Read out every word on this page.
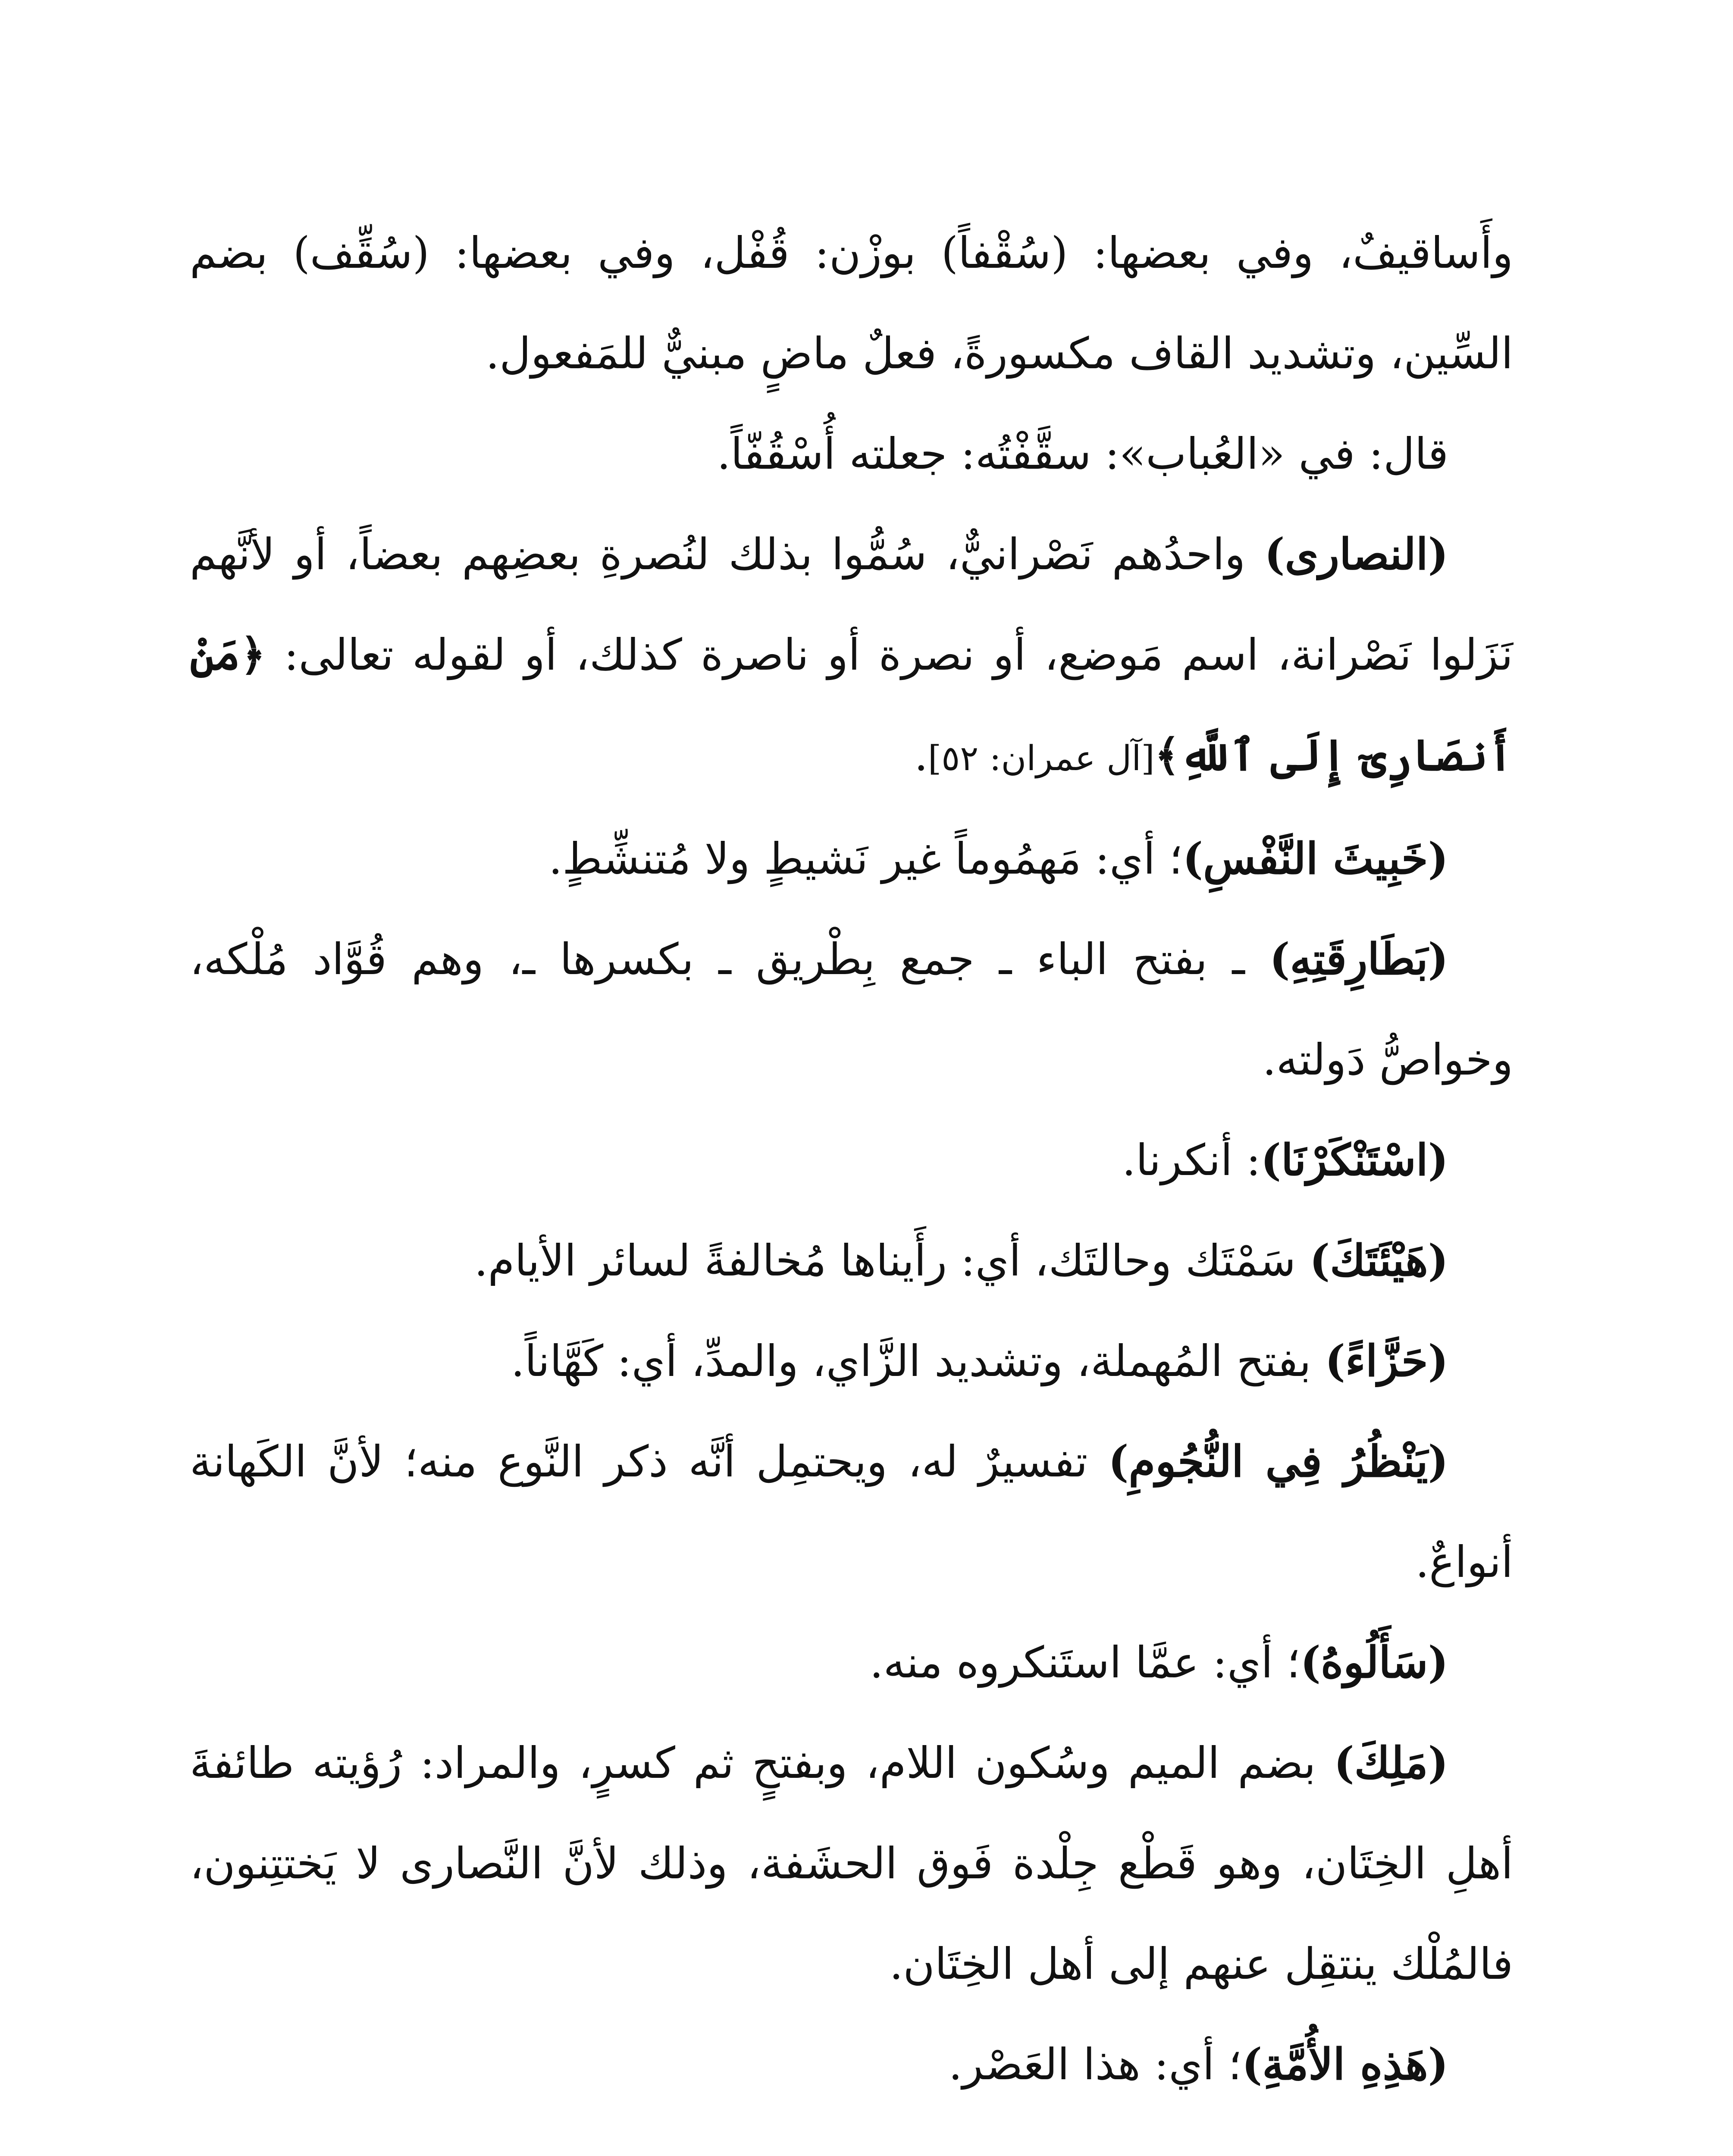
وأَساقيفٌ، وفي بعضها: (سُقْفاً) بوزْن: قُفْل، وفي بعضها: (سُقِّف) بضم السِّين، وتشديد القاف مكسورةً، فعلٌ ماضٍ مبنيٌّ للمَفعول.

قال: في «العُباب»: سقَّفْتُه: جعلته أُسْقُفّاً.

(النصارى) واحدُهم نَصْرانيٌّ، سُمُّوا بذلك لنُصرةِ بعضِهم بعضاً، أو لأنَّهم نَزَلوا نَصْرانة، اسم مَوضع، أو نصرة أو ناصرة كذلك، أو لقوله تعالى: ﴿مَنْ أَنصَارِىٓ إِلَى ٱللَّهِ﴾[آل عمران: ٥٢].

(خَبِيثَ النَّفْسِ)؛ أي: مَهمُوماً غير نَشيطٍ ولا مُتنشِّطٍ.

(بَطَارِقَتِهِ) ـ بفتح الباء ـ جمع بِطْريق ـ بكسرها ـ، وهم قُوَّاد مُلْكه، وخواصُّ دَولته.

(اسْتَنْكَرْنَا): أنكرنا.

(هَيْئَتَكَ) سَمْتَك وحالتَك، أي: رأَيناها مُخالفةً لسائر الأيام.

(حَزَّاءً) بفتح المُهملة، وتشديد الزَّاي، والمدِّ، أي: كَهَّاناً.

(يَنْظُرُ فِي النُّجُومِ) تفسيرٌ له، ويحتمِل أنَّه ذكر النَّوع منه؛ لأنَّ الكَهانة أنواعٌ.

(سَأَلُوهُ)؛ أي: عمَّا استَنكروه منه.

(مَلِكَ) بضم الميم وسُكون اللام، وبفتحٍ ثم كسرٍ، والمراد: رُؤيته طائفةَ أهلِ الخِتَان، وهو قَطْع جِلْدة فَوق الحشَفة، وذلك لأنَّ النَّصارى لا يَختتِنون، فالمُلْك ينتقِل عنهم إلى أهل الخِتَان.

(هَذِهِ الأُمَّةِ)؛ أي: هذا العَصْر.
